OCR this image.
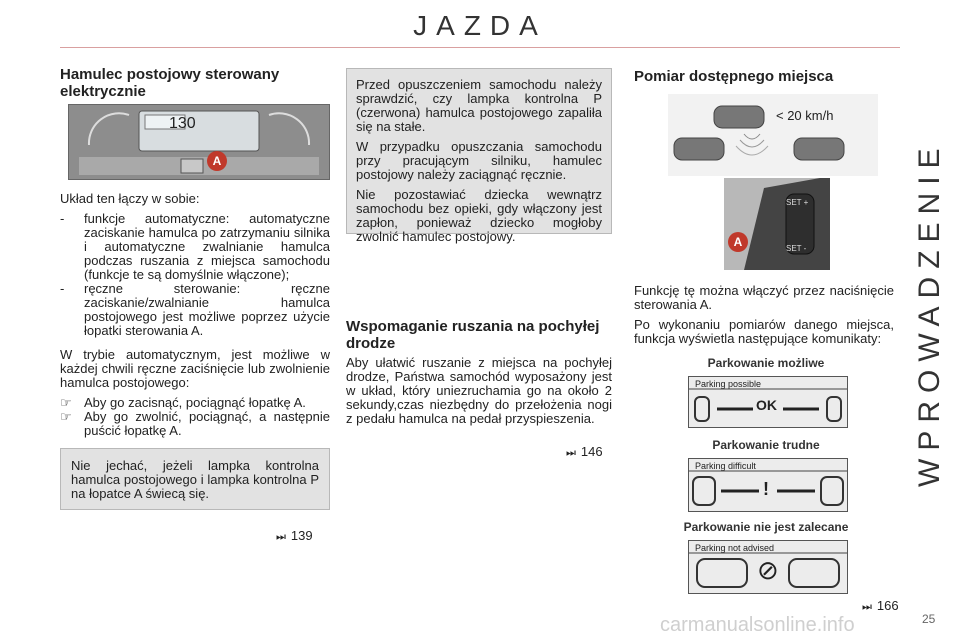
JAZDA
WPROWADZENIE
Hamulec postojowy sterowany elektrycznie
130
A

Układ ten łączy w sobie:

- funkcje automatyczne: automatyczne zaciskanie hamulca po zatrzymaniu silnika i automatyczne zwalnianie hamulca podczas ruszania z miejsca samochodu (funkcje te są domyślnie włączone);
- ręczne sterowanie: ręczne zaciskanie/zwalnianie hamulca postojowego jest możliwe poprzez użycie łopatki sterowania A.

W trybie automatycznym, jest możliwe w każdej chwili ręczne zaciśnięcie lub zwolnienie hamulca postojowego:

☞ Aby go zacisnąć, pociągnąć łopatkę A.
☞ Aby go zwolnić, pociągnąć, a następnie puścić łopatkę A.

Nie jechać, jeżeli lampka kontrolna hamulca postojowego i lampka kontrolna P na łopatce A świecą się.

⏭ 139

Przed opuszczeniem samochodu należy sprawdzić, czy lampka kontrolna P (czerwona) hamulca postojowego zapaliła się na stałe.

W przypadku opuszczania samochodu przy pracującym silniku, hamulec postojowy należy zaciągnąć ręcznie.

Nie pozostawiać dziecka wewnątrz samochodu bez opieki, gdy włączony jest zapłon, ponieważ dziecko mogłoby zwolnić hamulec postojowy.

Wspomaganie ruszania na pochyłej drodze

Aby ułatwić ruszanie z miejsca na pochyłej drodze, Państwa samochód wyposażony jest w układ, który uniezruchamia go na około 2 sekundy,czas niezbędny do przełożenia nogi z pedału hamulca na pedał przyspieszenia.

⏭ 146
Pomiar dostępnego miejsca
< 20 km/h
SET +
SET -
A

Funkcję tę można włączyć przez naciśnięcie sterowania A.

Po wykonaniu pomiarów danego miejsca, funkcja wyświetla następujące komunikaty:

Parkowanie możliwe
Parking possible
OK
Parkowanie trudne
Parking difficult
!
Parkowanie nie jest zalecane
Parking not advised
⊘
⏭ 166
25
carmanualsonline.info
